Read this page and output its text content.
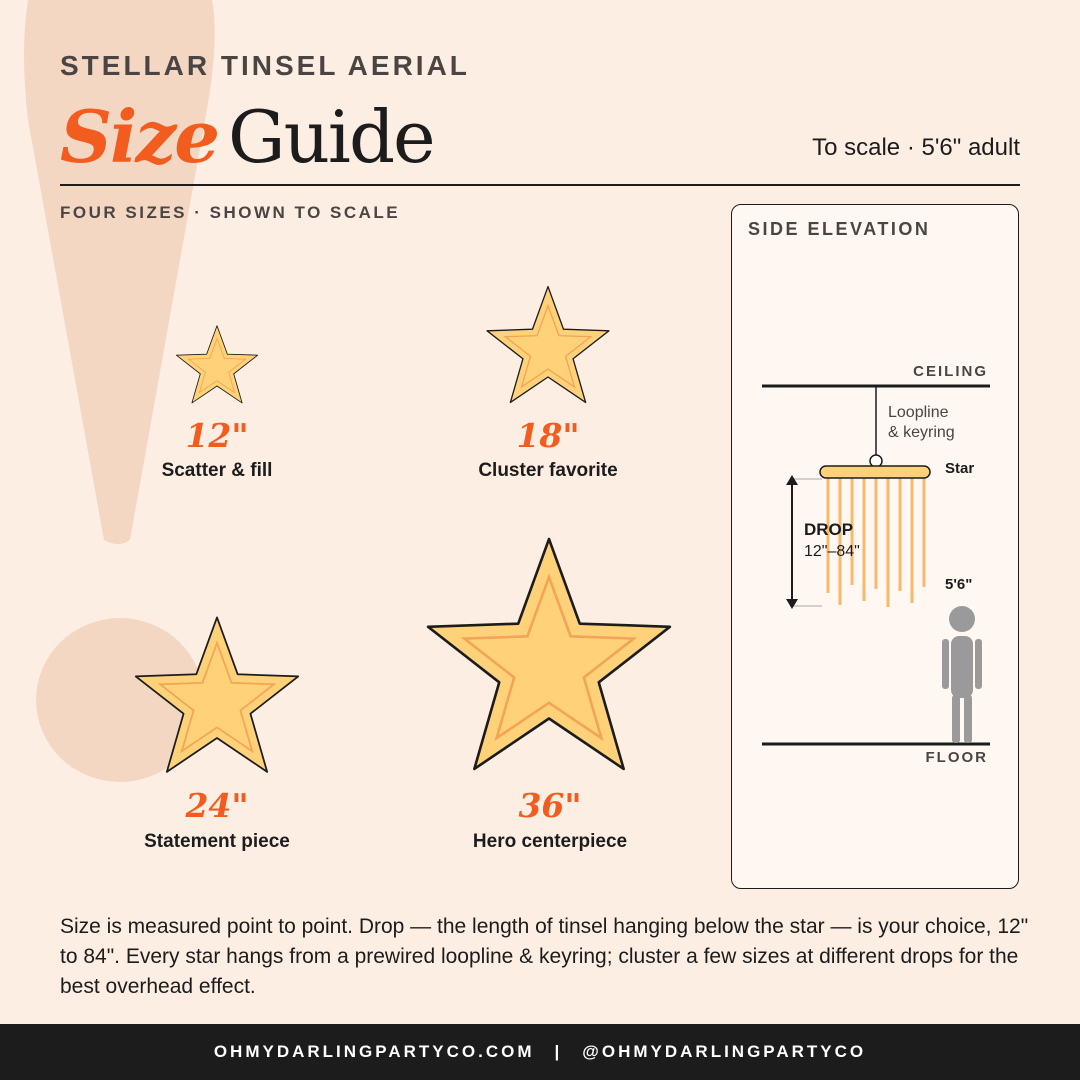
STELLAR TINSEL AERIAL
Size Guide	To scale · 5'6" adult
FOUR SIZES · SHOWN TO SCALE
12"
Scatter & fill
18"
Cluster favorite
24"
Statement piece
36"
Hero centerpiece
SIDE ELEVATION
CEILING
Loopline
& keyring
Star
DROP
12"–84"
5'6"
FLOOR
Size is measured point to point. Drop — the length of tinsel hanging below the star — is your choice, 12" to 84". Every star hangs from a prewired loopline & keyring; cluster a few sizes at different drops for the best overhead effect.
OHMYDARLINGPARTYCO.COM | @OHMYDARLINGPARTYCO
